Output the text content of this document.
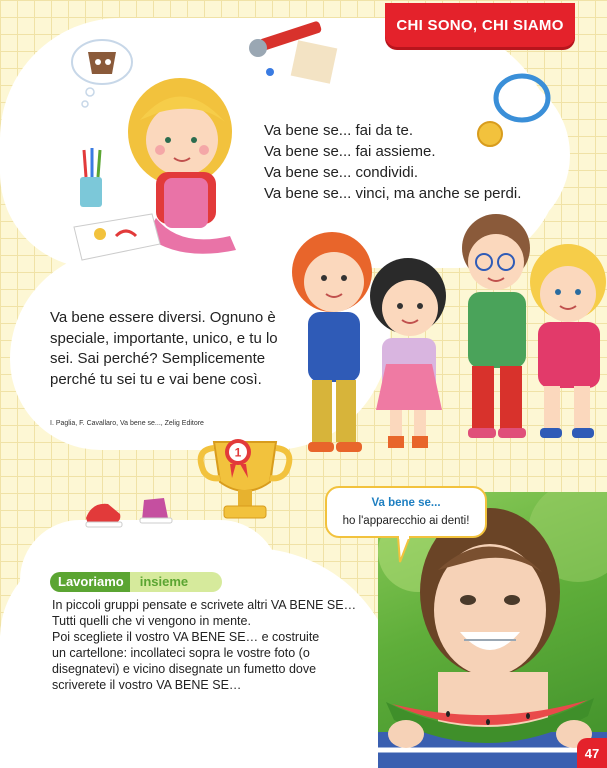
CHI SONO, CHI SIAMO
Va bene se... fai da te.
Va bene se... fai assieme.
Va bene se... condividi.
Va bene se... vinci, ma anche se perdi.
Va bene essere diversi. Ognuno è speciale, importante, unico, e tu lo sei. Sai perché? Semplicemente perché tu sei tu e vai bene così.
I. Paglia, F. Cavallaro, Va bene se..., Zelig Editore
1
Va bene se...
ho l'apparecchio ai denti!
Lavoriamo	insieme
In piccoli gruppi pensate e scrivete altri VA BENE SE…
Tutti quelli che vi vengono in mente.
Poi scegliete il vostro VA BENE SE… e costruite
un cartellone: incollateci sopra le vostre foto (o
disegnatevi) e vicino disegnate un fumetto dove
scriverete il vostro VA BENE SE…
47
